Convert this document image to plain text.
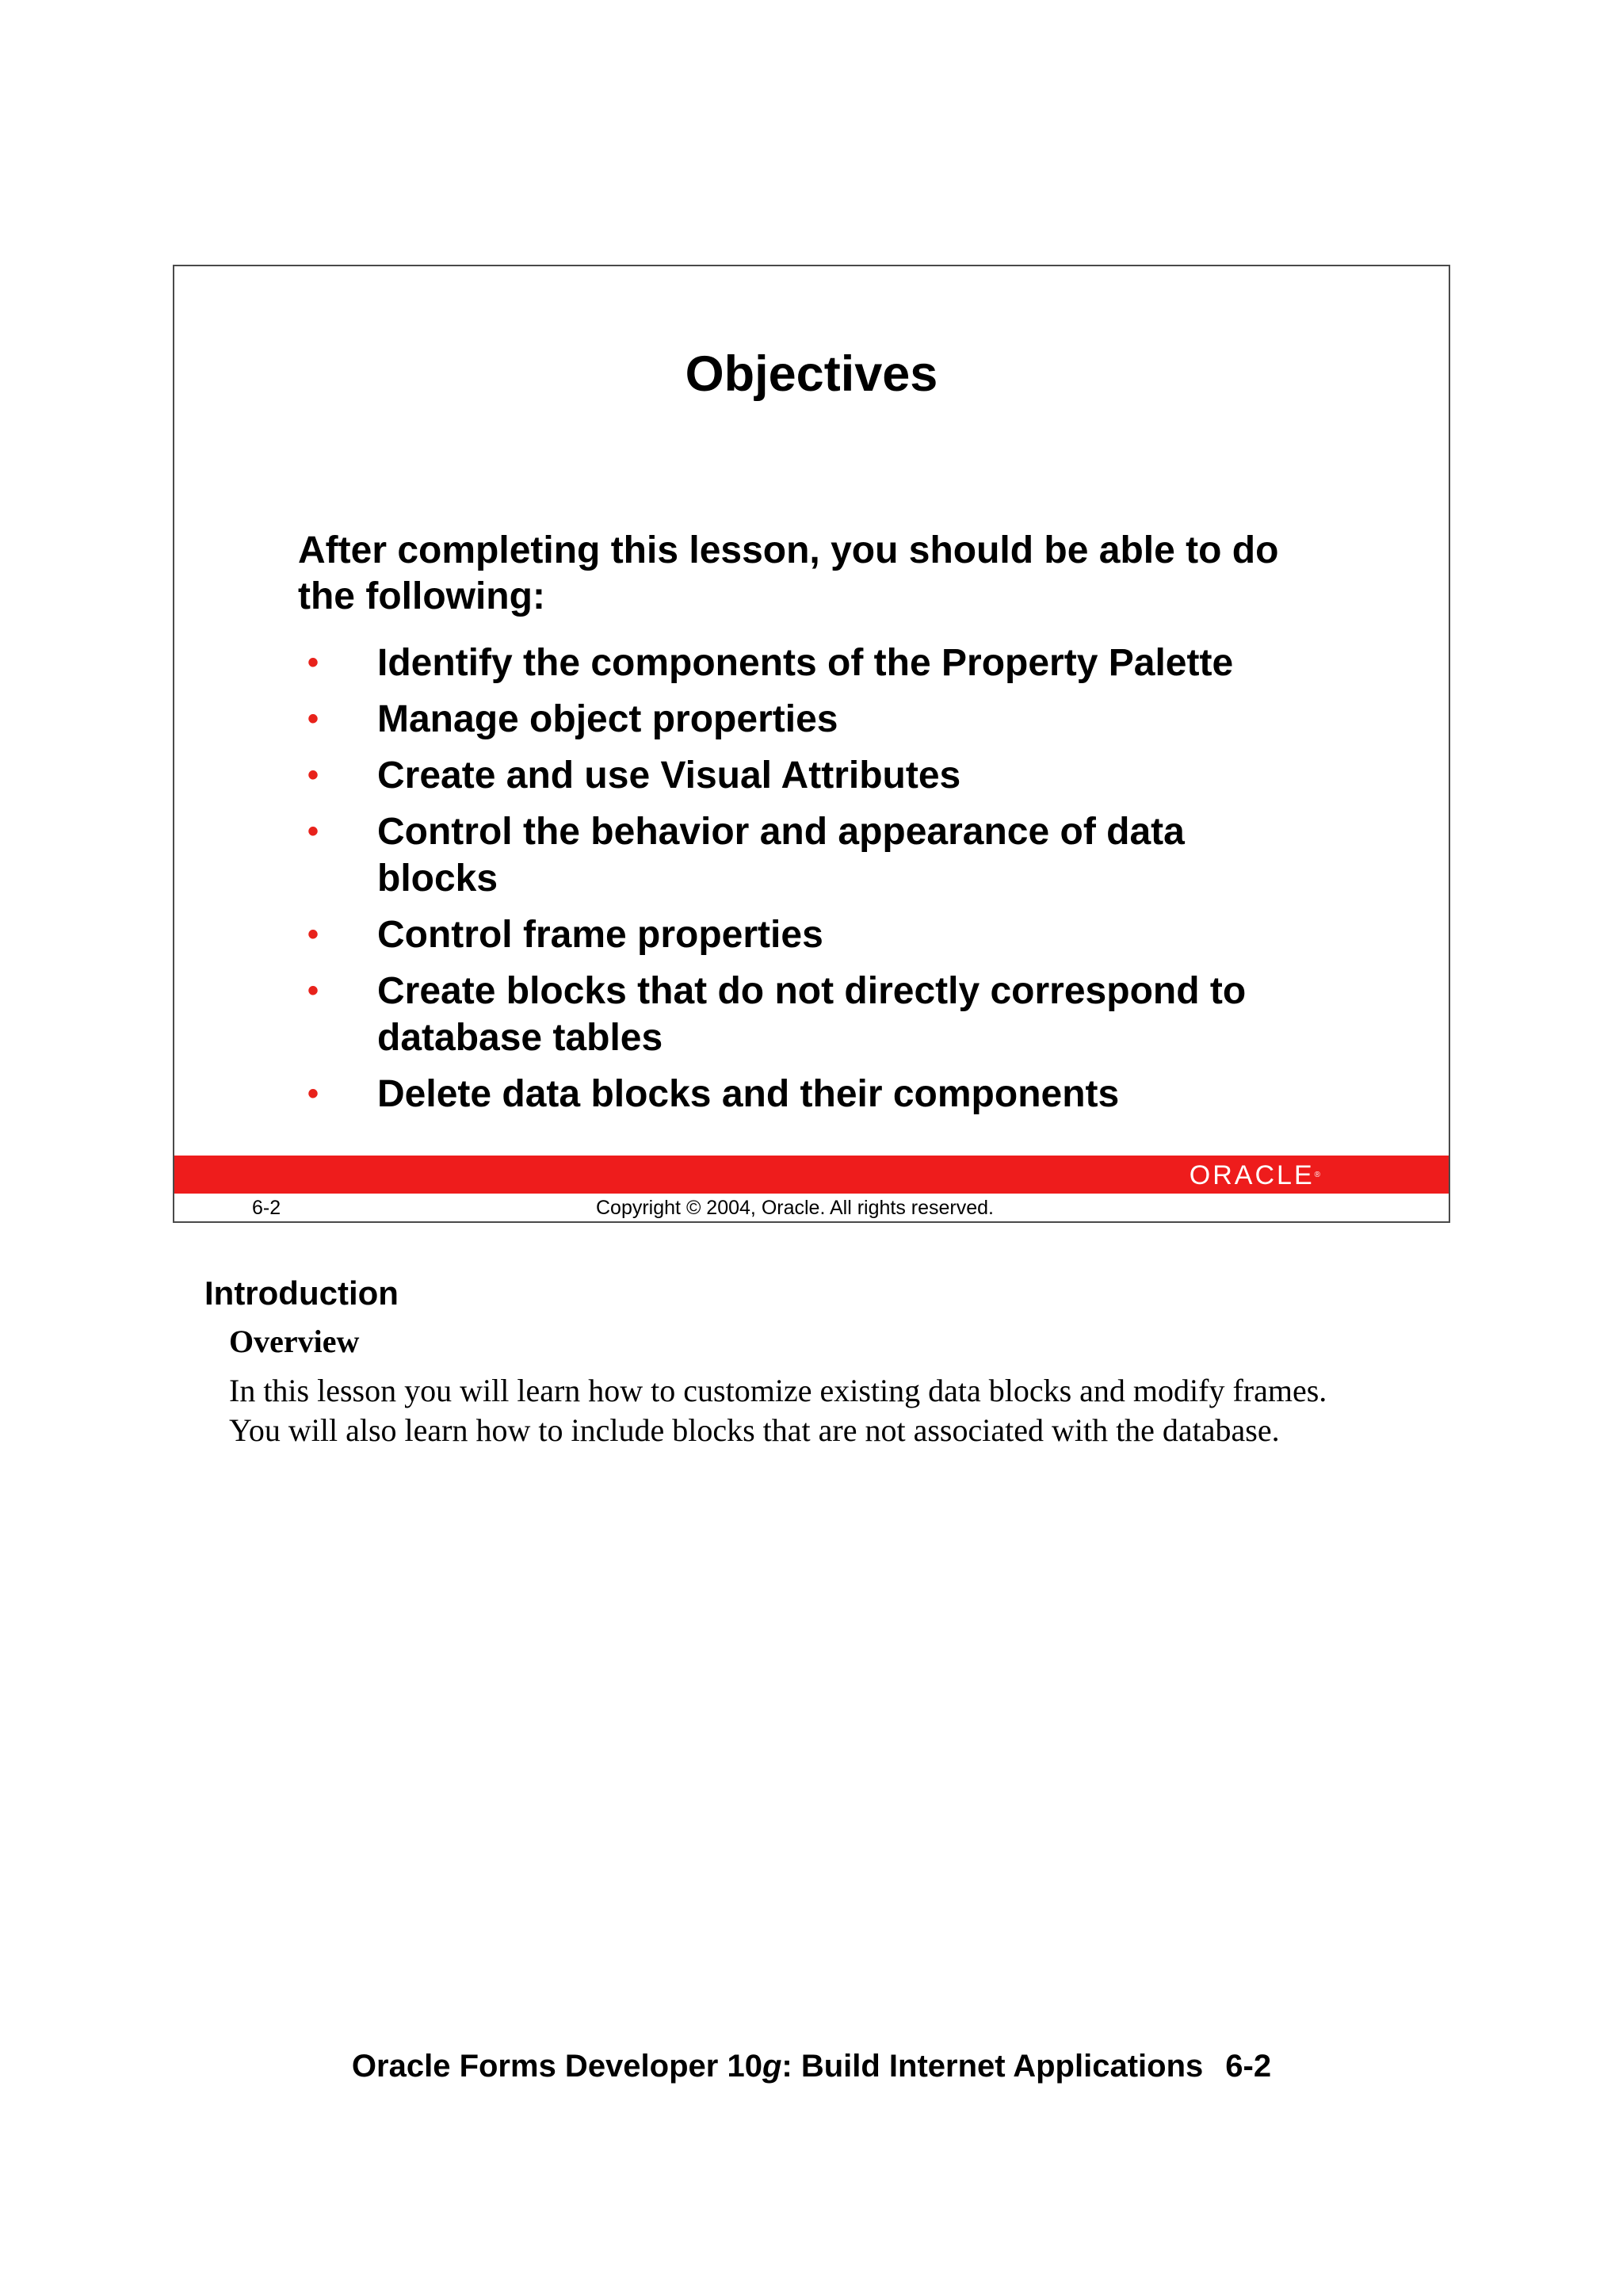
Objectives
After completing this lesson, you should be able to do
the following:
• Identify the components of the Property Palette
• Manage object properties
• Create and use Visual Attributes
• Control the behavior and appearance of data
blocks
• Control frame properties
• Create blocks that do not directly correspond to
database tables
• Delete data blocks and their components
ORACLE®
6-2	Copyright © 2004, Oracle. All rights reserved.
Introduction
Overview
In this lesson you will learn how to customize existing data blocks and modify frames.
You will also learn how to include blocks that are not associated with the database.
Oracle Forms Developer 10g: Build Internet Applications 6-2
